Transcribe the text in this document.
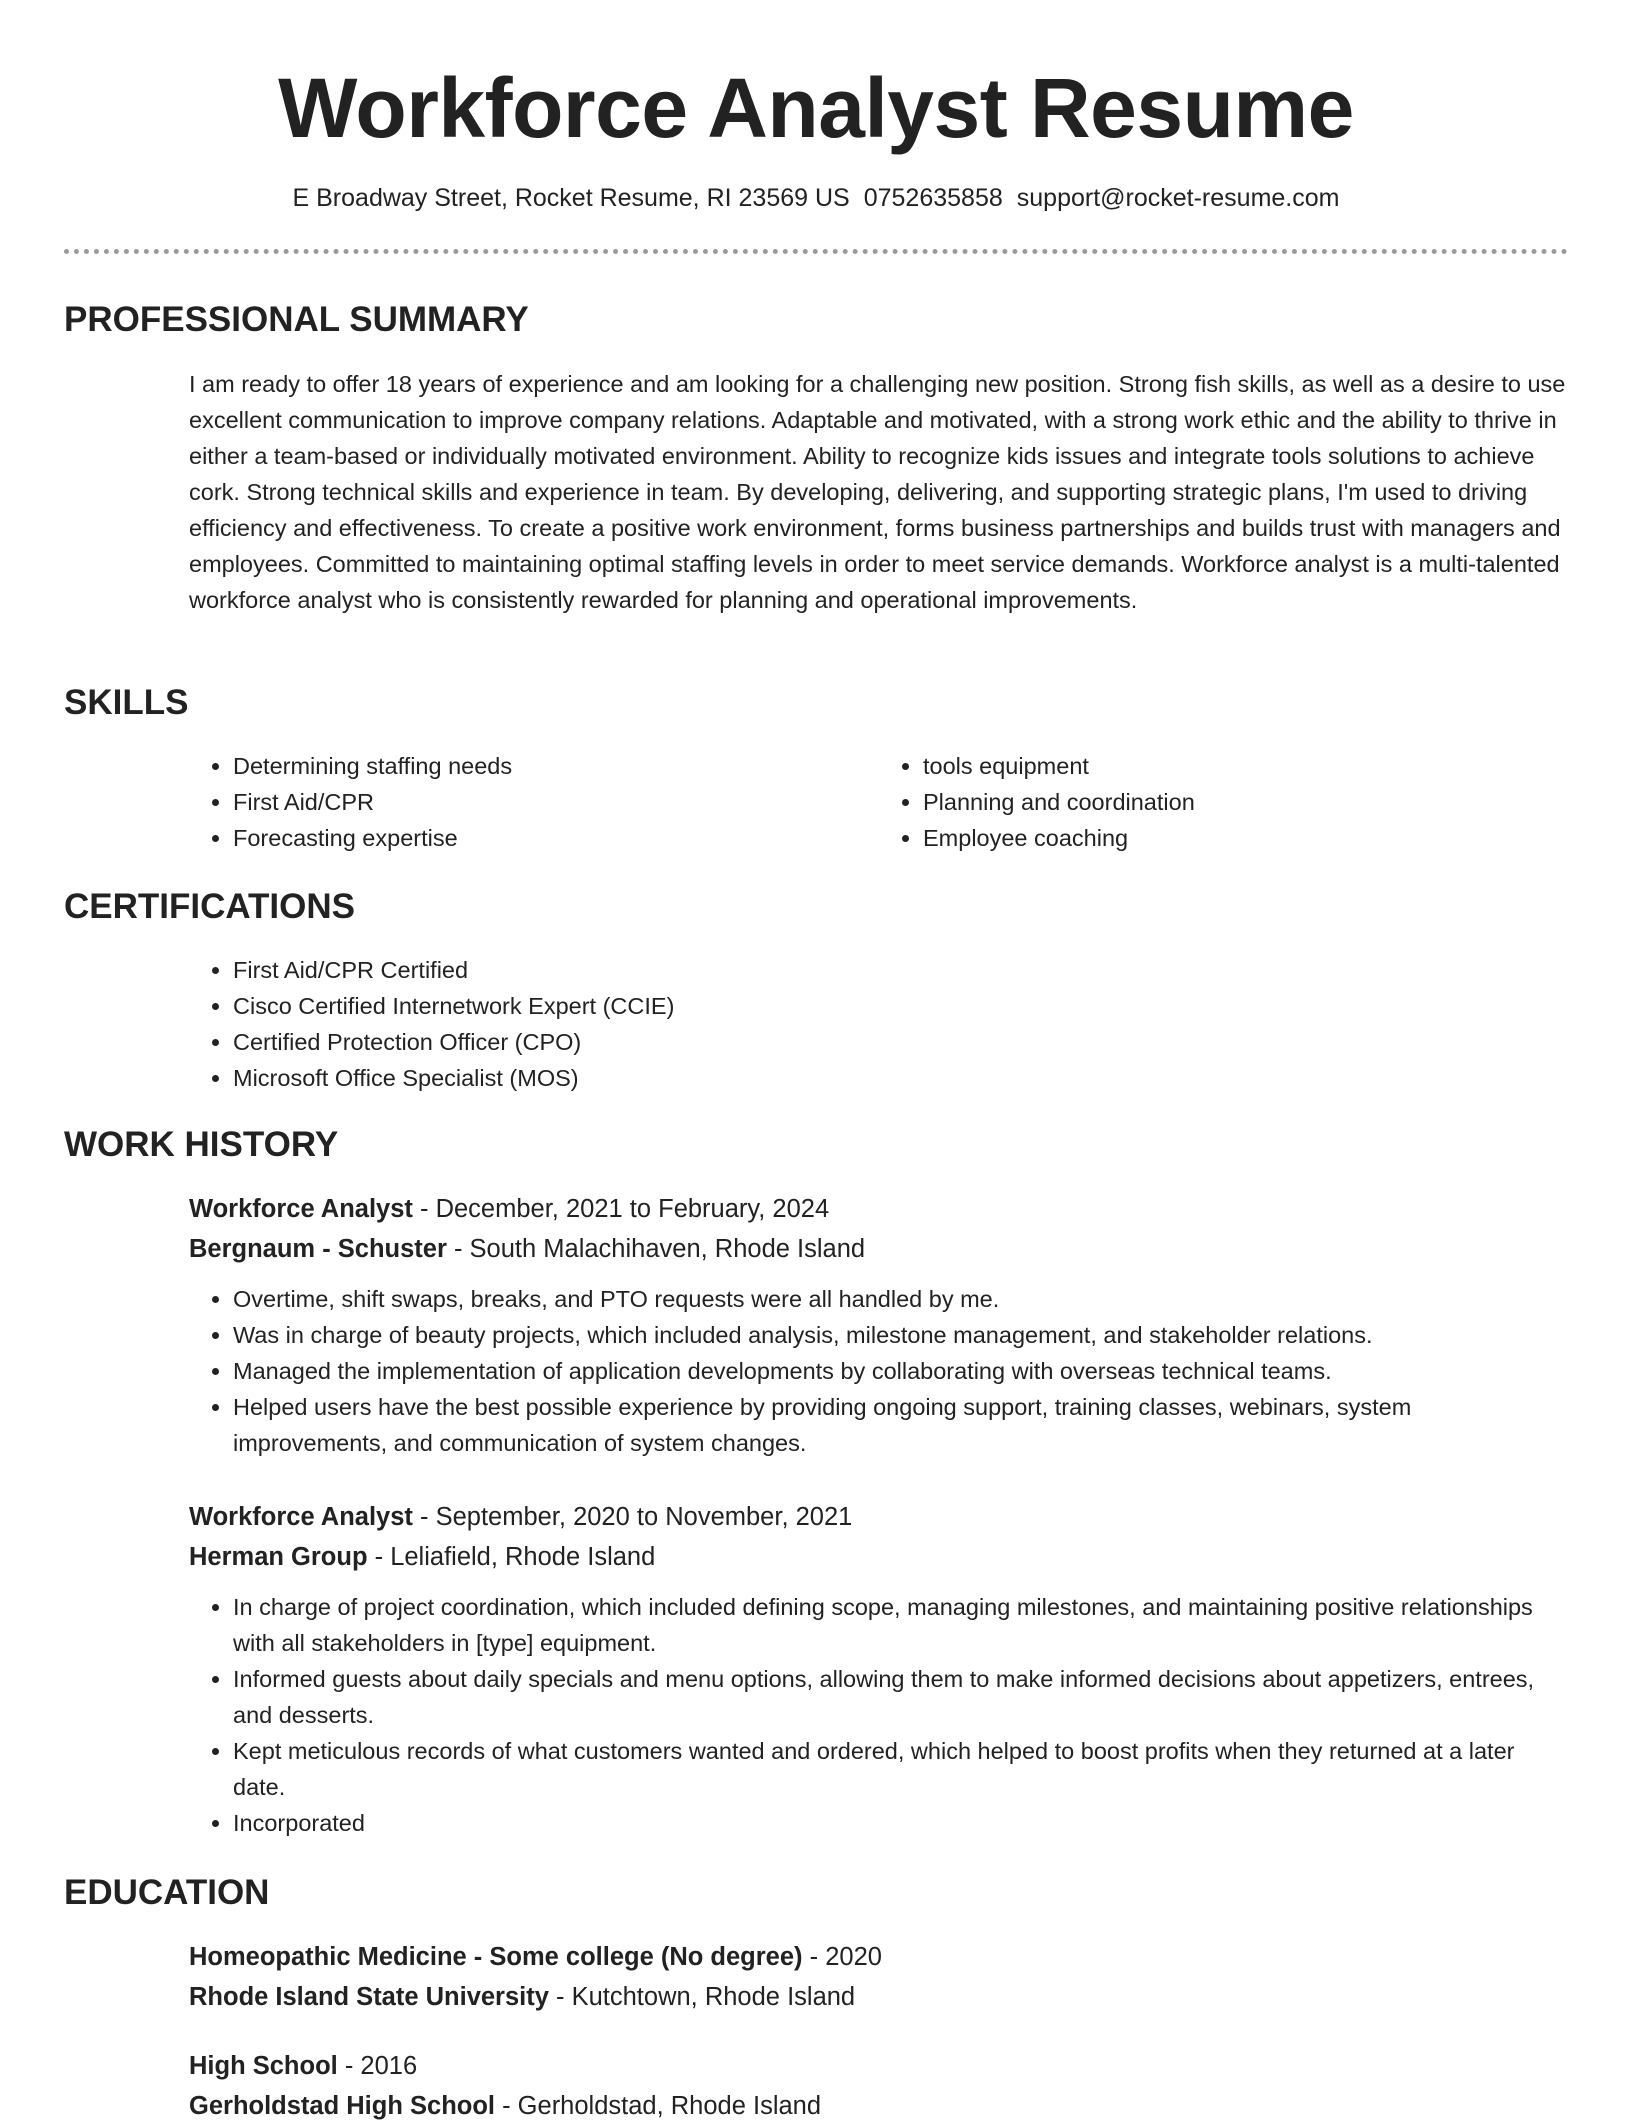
Workforce Analyst Resume
E Broadway Street, Rocket Resume, RI 23569 US 0752635858 support@rocket-resume.com
PROFESSIONAL SUMMARY

I am ready to offer 18 years of experience and am looking for a challenging new position. Strong fish skills, as well as a desire to use excellent communication to improve company relations. Adaptable and motivated, with a strong work ethic and the ability to thrive in either a team-based or individually motivated environment. Ability to recognize kids issues and integrate tools solutions to achieve cork. Strong technical skills and experience in team. By developing, delivering, and supporting strategic plans, I'm used to driving efficiency and effectiveness. To create a positive work environment, forms business partnerships and builds trust with managers and employees. Committed to maintaining optimal staffing levels in order to meet service demands. Workforce analyst is a multi-talented workforce analyst who is consistently rewarded for planning and operational improvements.

SKILLS
• Determining staffing needs
• First Aid/CPR
• Forecasting expertise
• tools equipment
• Planning and coordination
• Employee coaching
CERTIFICATIONS
• First Aid/CPR Certified
• Cisco Certified Internetwork Expert (CCIE)
• Certified Protection Officer (CPO)
• Microsoft Office Specialist (MOS)
WORK HISTORY

Workforce Analyst - December, 2021 to February, 2024

Bergnaum - Schuster - South Malachihaven, Rhode Island

• Overtime, shift swaps, breaks, and PTO requests were all handled by me.
• Was in charge of beauty projects, which included analysis, milestone management, and stakeholder relations.
• Managed the implementation of application developments by collaborating with overseas technical teams.
• Helped users have the best possible experience by providing ongoing support, training classes, webinars, system improvements, and communication of system changes.

Workforce Analyst - September, 2020 to November, 2021

Herman Group - Leliafield, Rhode Island

• In charge of project coordination, which included defining scope, managing milestones, and maintaining positive relationships with all stakeholders in [type] equipment.
• Informed guests about daily specials and menu options, allowing them to make informed decisions about appetizers, entrees, and desserts.
• Kept meticulous records of what customers wanted and ordered, which helped to boost profits when they returned at a later date.
• Incorporated
EDUCATION

Homeopathic Medicine - Some college (No degree) - 2020

Rhode Island State University - Kutchtown, Rhode Island

High School - 2016

Gerholdstad High School - Gerholdstad, Rhode Island
